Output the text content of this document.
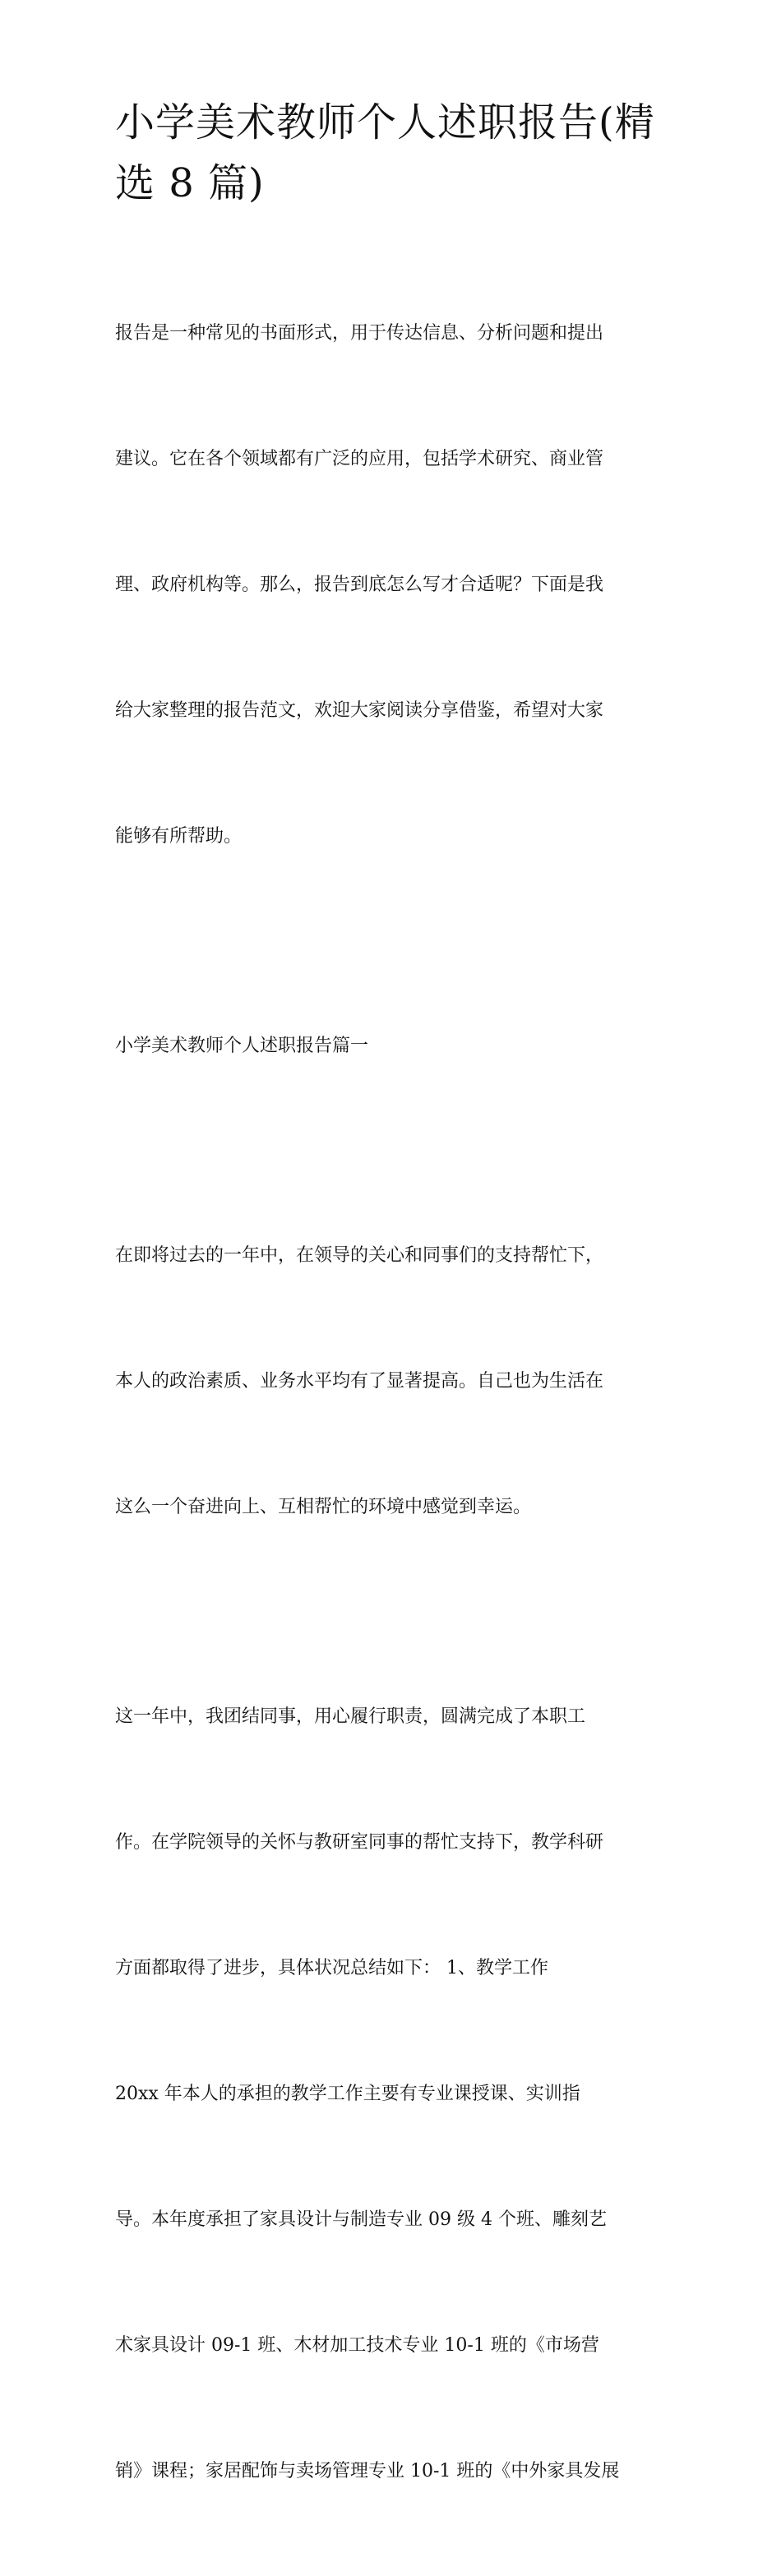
小学美术教师个人述职报告(精
选 8 篇)

报告是一种常见的书面形式，用于传达信息、分析问题和提出

建议。它在各个领域都有广泛的应用，包括学术研究、商业管

理、政府机构等。那么，报告到底怎么写才合适呢？下面是我

给大家整理的报告范文，欢迎大家阅读分享借鉴，希望对大家

能够有所帮助。

小学美术教师个人述职报告篇一

在即将过去的一年中，在领导的关心和同事们的支持帮忙下，

本人的政治素质、业务水平均有了显著提高。自己也为生活在

这么一个奋进向上、互相帮忙的环境中感觉到幸运。

这一年中，我团结同事，用心履行职责，圆满完成了本职工

作。在学院领导的关怀与教研室同事的帮忙支持下，教学科研

方面都取得了进步，具体状况总结如下： 1、教学工作

20xx 年本人的承担的教学工作主要有专业课授课、实训指

导。本年度承担了家具设计与制造专业 09 级 4 个班、雕刻艺

术家具设计 09-1 班、木材加工技术专业 10-1 班的《市场营

销》课程；家居配饰与卖场管理专业 10-1 班的《中外家具发展
